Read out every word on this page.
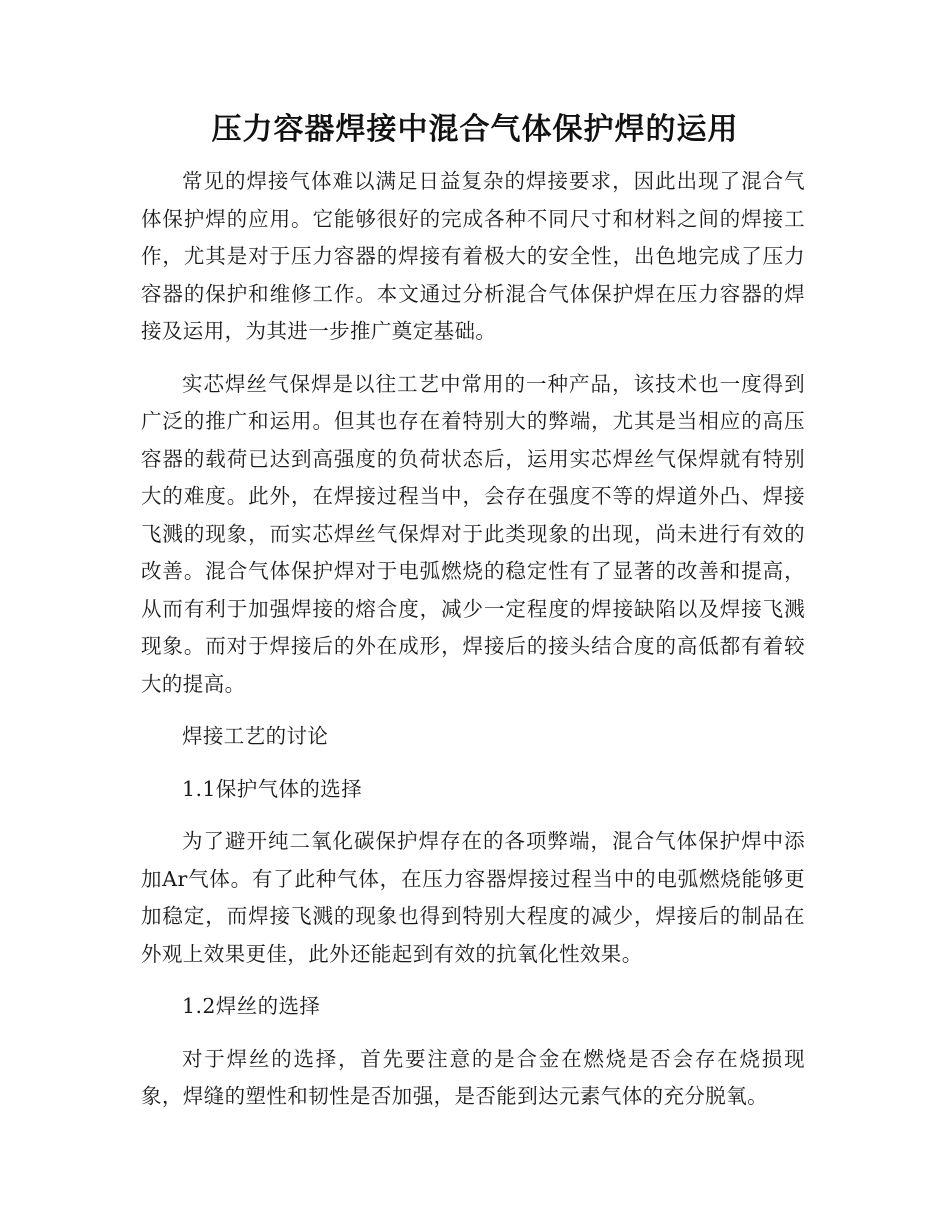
压力容器焊接中混合气体保护焊的运用

常见的焊接气体难以满足日益复杂的焊接要求，因此出现了混合气体保护焊的应用。它能够很好的完成各种不同尺寸和材料之间的焊接工作，尤其是对于压力容器的焊接有着极大的安全性，出色地完成了压力容器的保护和维修工作。本文通过分析混合气体保护焊在压力容器的焊接及运用，为其进一步推广奠定基础。

实芯焊丝气保焊是以往工艺中常用的一种产品，该技术也一度得到广泛的推广和运用。但其也存在着特别大的弊端，尤其是当相应的高压容器的载荷已达到高强度的负荷状态后，运用实芯焊丝气保焊就有特别大的难度。此外，在焊接过程当中，会存在强度不等的焊道外凸、焊接飞溅的现象，而实芯焊丝气保焊对于此类现象的出现，尚未进行有效的改善。混合气体保护焊对于电弧燃烧的稳定性有了显著的改善和提高，从而有利于加强焊接的熔合度，减少一定程度的焊接缺陷以及焊接飞溅现象。而对于焊接后的外在成形，焊接后的接头结合度的高低都有着较大的提高。

焊接工艺的讨论

1.1保护气体的选择

为了避开纯二氧化碳保护焊存在的各项弊端，混合气体保护焊中添加Ar气体。有了此种气体，在压力容器焊接过程当中的电弧燃烧能够更加稳定，而焊接飞溅的现象也得到特别大程度的减少，焊接后的制品在外观上效果更佳，此外还能起到有效的抗氧化性效果。

1.2焊丝的选择

对于焊丝的选择，首先要注意的是合金在燃烧是否会存在烧损现象，焊缝的塑性和韧性是否加强，是否能到达元素气体的充分脱氧。
